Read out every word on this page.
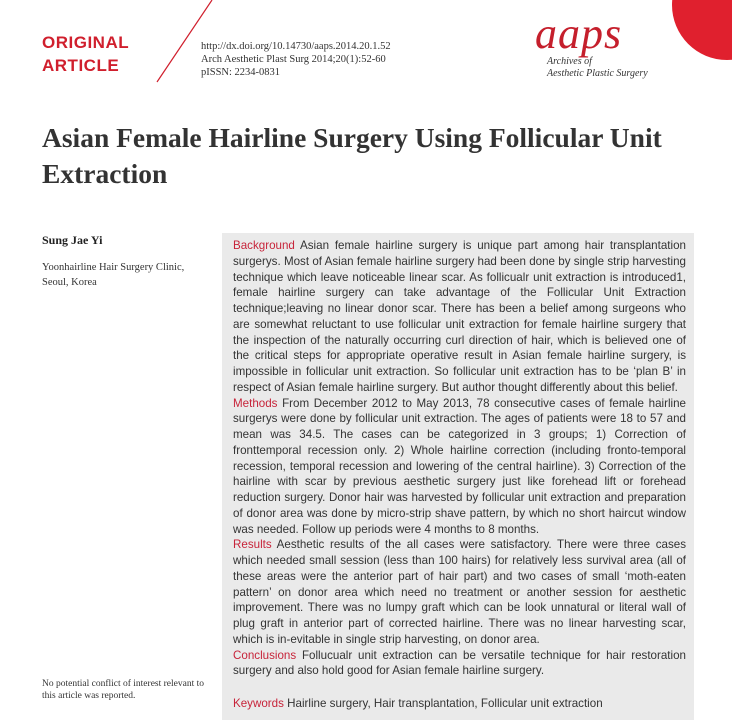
ORIGINAL
ARTICLE
http://dx.doi.org/10.14730/aaps.2014.20.1.52
Arch Aesthetic Plast Surg 2014;20(1):52-60
pISSN: 2234-0831
aaps
Archives of
Aesthetic Plastic Surgery
Asian Female Hairline Surgery Using Follicular Unit Extraction
Sung Jae Yi
Yoonhairline Hair Surgery Clinic, Seoul, Korea
No potential conflict of interest relevant to this article was reported.

Background Asian female hairline surgery is unique part among hair transplantation surgerys. Most of Asian female hairline surgery had been done by single strip harvesting technique which leave noticeable linear scar. As follicualr unit extraction is introduced1, female hairline surgery can take advantage of the Follicular Unit Extraction technique;leaving no linear donor scar. There has been a belief among surgeons who are somewhat reluctant to use follicular unit extraction for female hairline surgery that the inspection of the naturally occurring curl direction of hair, which is believed one of the critical steps for appropriate operative result in Asian female hairline surgery, is impossible in follicular unit extraction. So follicular unit extraction has to be ‘plan B’ in respect of Asian female hairline surgery. But author thought differently about this belief.

Methods From December 2012 to May 2013, 78 consecutive cases of female hairline surgerys were done by follicular unit extraction. The ages of patients were 18 to 57 and mean was 34.5. The cases can be categorized in 3 groups; 1) Correction of fronttemporal recession only. 2) Whole hairline correction (including fronto-temporal recession, temporal recession and lowering of the central hairline). 3) Correction of the hairline with scar by previous aesthetic surgery just like forehead lift or forehead reduction surgery. Donor hair was harvested by follicular unit extraction and preparation of donor area was done by micro-strip shave pattern, by which no short haircut window was needed. Follow up periods were 4 months to 8 months.

Results Aesthetic results of the all cases were satisfactory. There were three cases which needed small session (less than 100 hairs) for relatively less survival area (all of these areas were the anterior part of hair part) and two cases of small ‘moth-eaten pattern’ on donor area which need no treatment or another session for aesthetic improvement. There was no lumpy graft which can be look unnatural or literal wall of plug graft in anterior part of corrected hairline. There was no linear harvesting scar, which is in-evitable in single strip harvesting, on donor area.

Conclusions Follucualr unit extraction can be versatile technique for hair restoration surgery and also hold good for Asian female hairline surgery.

Keywords Hairline surgery, Hair transplantation, Follicular unit extraction
